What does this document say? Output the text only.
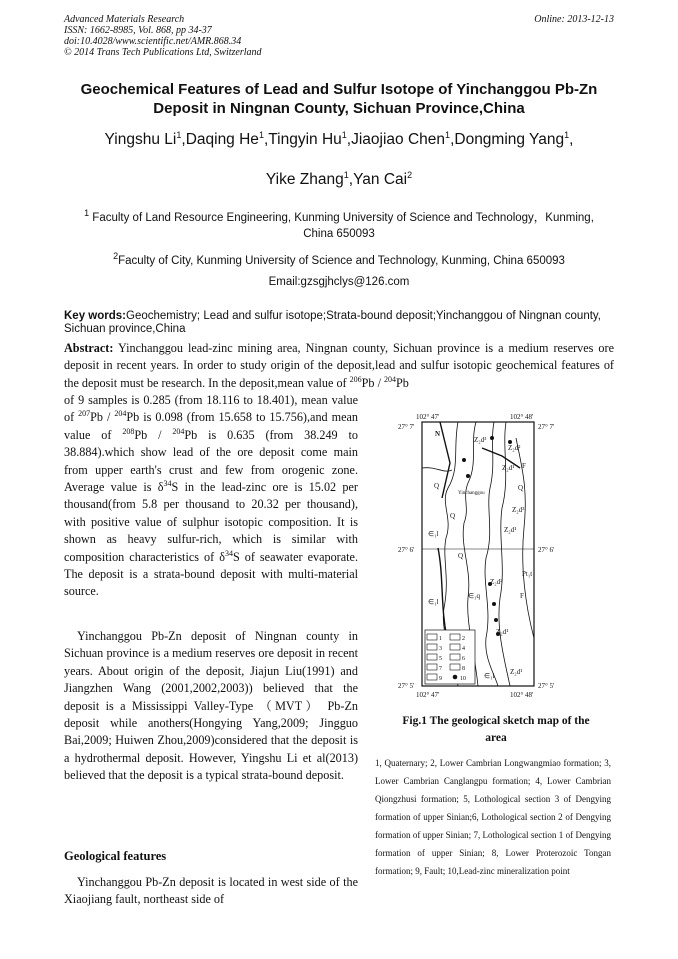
Advanced Materials Research
ISSN: 1662-8985, Vol. 868, pp 34-37
doi:10.4028/www.scientific.net/AMR.868.34
© 2014 Trans Tech Publications Ltd, Switzerland
Online: 2013-12-13
Geochemical Features of Lead and Sulfur Isotope of Yinchanggou Pb-Zn
Deposit in Ningnan County, Sichuan Province,China
Yingshu Li$^1$,Daqing He$^1$,Tingyin Hu$^1$,Jiaojiao Chen$^1$,Dongming Yang$^1$,
Yike Zhang$^1$,Yan Cai$^2$
$^1$ Faculty of Land Resource Engineering, Kunming University of Science and Technology，Kunming,
China 650093
$^2$Faculty of City, Kunming University of Science and Technology, Kunming, China 650093
Email:gzsgjhclys@126.com
Key words:Geochemistry; Lead and sulfur isotope;Strata-bound deposit;Yinchanggou of Ningnan county, Sichuan province,China
Abstract: Yinchanggou lead-zinc mining area, Ningnan county, Sichuan province is a medium reserves ore deposit in recent years. In order to study origin of the deposit,lead and sulfur isotopic geochemical features of the deposit must be research. In the deposit,mean value of $^{206}$Pb / $^{204}$Pb
of 9 samples is 0.285 (from 18.116 to 18.401), mean value of $^{207}$Pb / $^{204}$Pb is 0.098 (from 15.658 to 15.756),and mean value of $^{208}$Pb / $^{204}$Pb is 0.635 (from 38.249 to 38.884).which show lead of the ore deposit come main from upper earth's crust and few from orogenic zone. Average value is $\delta^{34}S$ in the lead-zinc ore is 15.02 per thousand(from 5.8 per thousand to 20.32 per thousand), with positive value of sulphur isotopic composition. It is shown as heavy sulfur-rich, which is similar with composition characteristics of $\delta^{34}S$ of seawater evaporate. The deposit is a strata-bound deposit with multi-material source.
Yinchanggou Pb-Zn deposit of Ningnan county in Sichuan province is a medium reserves ore deposit in recent years. About origin of the deposit, Jiajun Liu(1991) and Jiangzhen Wang (2001,2002,2003)) believed that the deposit is a Mississippi Valley-Type （MVT） Pb-Zn deposit while anothers(Hongying Yang,2009; Jingguo Bai,2009; Huiwen Zhou,2009)considered that the deposit is a hydrothermal deposit. However, Yingshu Li et al(2013) believed that the deposit is a typical strata-bound deposit.
Geological features
Yinchanggou Pb-Zn deposit is located in west side of the Xiaojiang fault, northeast side of
102° 47'	102° 48'
27° 7'	27° 7'
27° 6'	27° 6'
27° 5'	27° 5'
102° 47'	102° 48'
N
Yinchanggou
Z₂d²
Z₂d³
Z₂d¹
Q
Q
Q
Z₂d³
Z₂d¹
∈₁l
∈₁l
Q
Z₂d²
Z₂d¹
∈₁q
F
F
Pt₁t
∈₁l Z₂d¹
1	2
3	4
5	6
7	8
9	10
Fig.1 The geological sketch map of the
area
1, Quaternary; 2, Lower Cambrian Longwangmiao formation; 3, Lower Cambrian Canglangpu formation; 4, Lower Cambrian Qiongzhusi formation; 5, Lothological section 3 of Dengying formation of upper Sinian;6, Lothological section 2 of Dengying formation of upper Sinian; 7, Lothological section 1 of Dengying formation of upper Sinian; 8, Lower Proterozoic Tongan formation; 9, Fault; 10,Lead-zinc mineralization point
